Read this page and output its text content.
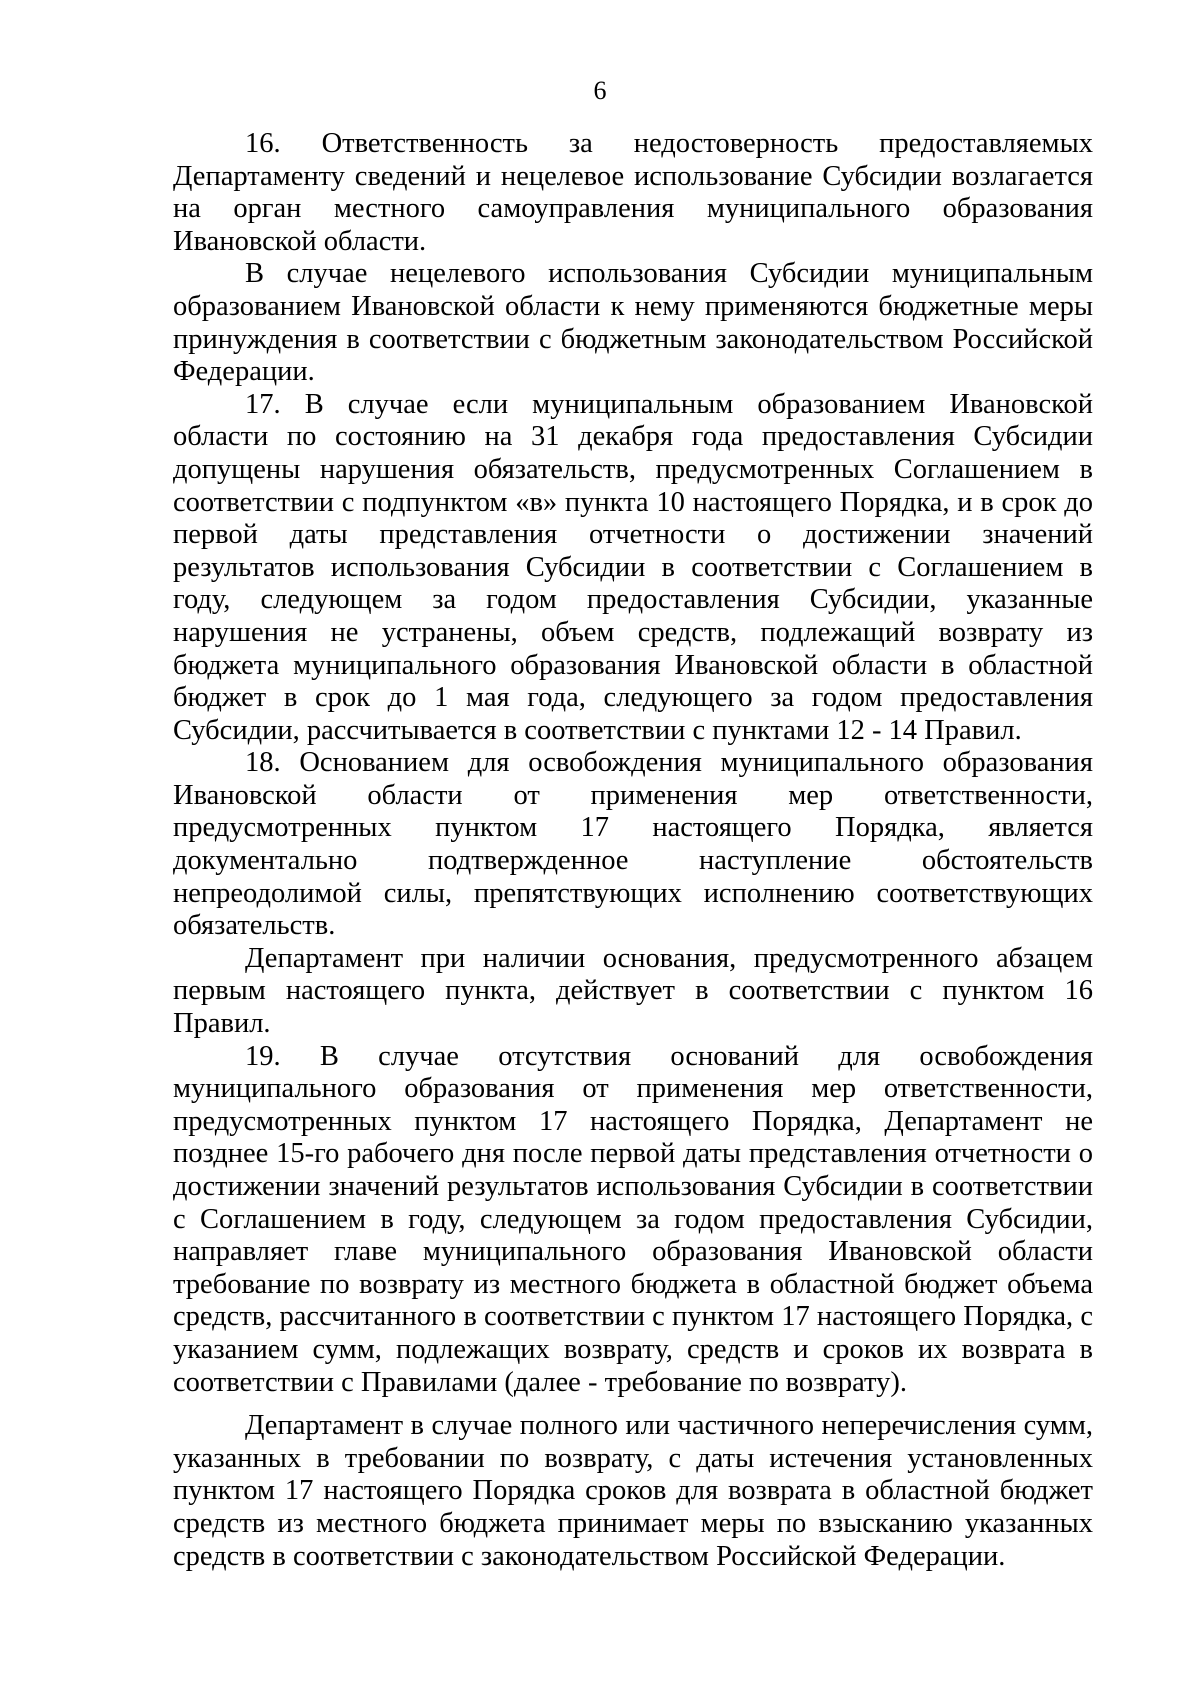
6

16. Ответственность за недостоверность предоставляемых Департаменту сведений и нецелевое использование Субсидии возлагается на орган местного самоуправления муниципального образования Ивановской области.

В случае нецелевого использования Субсидии муниципальным образованием Ивановской области к нему применяются бюджетные меры принуждения в соответствии с бюджетным законодательством Российской Федерации.

17. В случае если муниципальным образованием Ивановской области по состоянию на 31 декабря года предоставления Субсидии допущены нарушения обязательств, предусмотренных Соглашением в соответствии с подпунктом «в» пункта 10 настоящего Порядка, и в срок до первой даты представления отчетности о достижении значений результатов использования Субсидии в соответствии с Соглашением в году, следующем за годом предоставления Субсидии, указанные нарушения не устранены, объем средств, подлежащий возврату из бюджета муниципального образования Ивановской области в областной бюджет в срок до 1 мая года, следующего за годом предоставления Субсидии, рассчитывается в соответствии с пунктами 12 - 14 Правил.

18. Основанием для освобождения муниципального образования Ивановской области от применения мер ответственности, предусмотренных пунктом 17 настоящего Порядка, является документально подтвержденное наступление обстоятельств непреодолимой силы, препятствующих исполнению соответствующих обязательств.

Департамент при наличии основания, предусмотренного абзацем первым настоящего пункта, действует в соответствии с пунктом 16 Правил.

19. В случае отсутствия оснований для освобождения муниципального образования от применения мер ответственности, предусмотренных пунктом 17 настоящего Порядка, Департамент не позднее 15-го рабочего дня после первой даты представления отчетности о достижении значений результатов использования Субсидии в соответствии с Соглашением в году, следующем за годом предоставления Субсидии, направляет главе муниципального образования Ивановской области требование по возврату из местного бюджета в областной бюджет объема средств, рассчитанного в соответствии с пунктом 17 настоящего Порядка, с указанием сумм, подлежащих возврату, средств и сроков их возврата в соответствии с Правилами (далее - требование по возврату).

Департамент в случае полного или частичного неперечисления сумм, указанных в требовании по возврату, с даты истечения установленных пунктом 17 настоящего Порядка сроков для возврата в областной бюджет средств из местного бюджета принимает меры по взысканию указанных средств в соответствии с законодательством Российской Федерации.
